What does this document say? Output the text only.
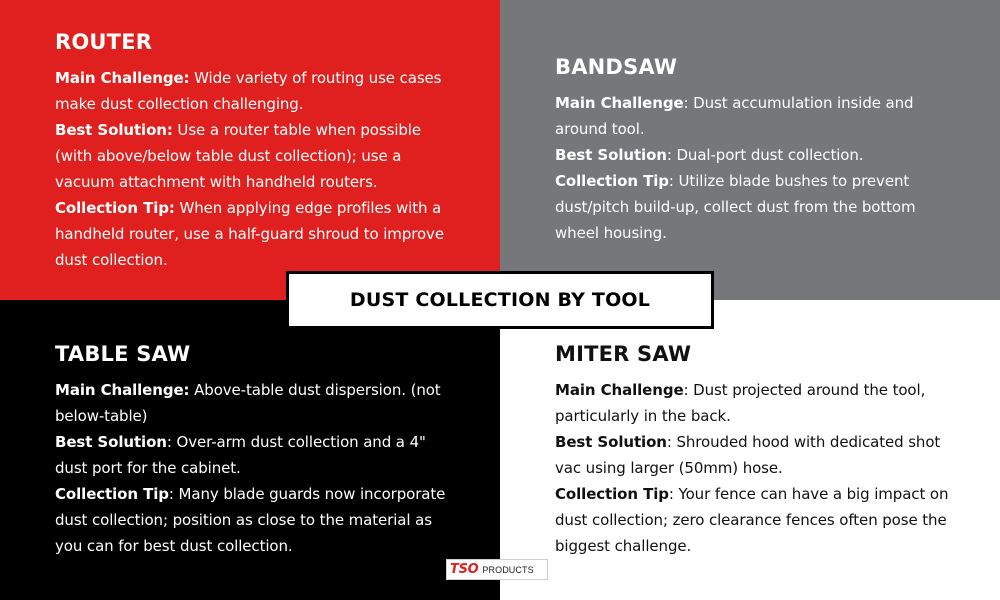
ROUTER

Main Challenge: Wide variety of routing use cases make dust collection challenging.
Best Solution: Use a router table when possible (with above/below table dust collection); use a vacuum attachment with handheld routers.
Collection Tip: When applying edge profiles with a handheld router, use a half-guard shroud to improve dust collection.

BANDSAW

Main Challenge: Dust accumulation inside and around tool.
Best Solution: Dual-port dust collection.
Collection Tip: Utilize blade bushes to prevent dust/pitch build-up, collect dust from the bottom wheel housing.

TABLE SAW

Main Challenge: Above-table dust dispersion. (not below-table)
Best Solution: Over-arm dust collection and a 4" dust port for the cabinet.
Collection Tip: Many blade guards now incorporate dust collection; position as close to the material as you can for best dust collection.

MITER SAW

Main Challenge: Dust projected around the tool, particularly in the back.
Best Solution: Shrouded hood with dedicated shot vac using larger (50mm) hose.
Collection Tip: Your fence can have a big impact on dust collection; zero clearance fences often pose the biggest challenge.

DUST COLLECTION BY TOOL
TSO PRODUCTS
